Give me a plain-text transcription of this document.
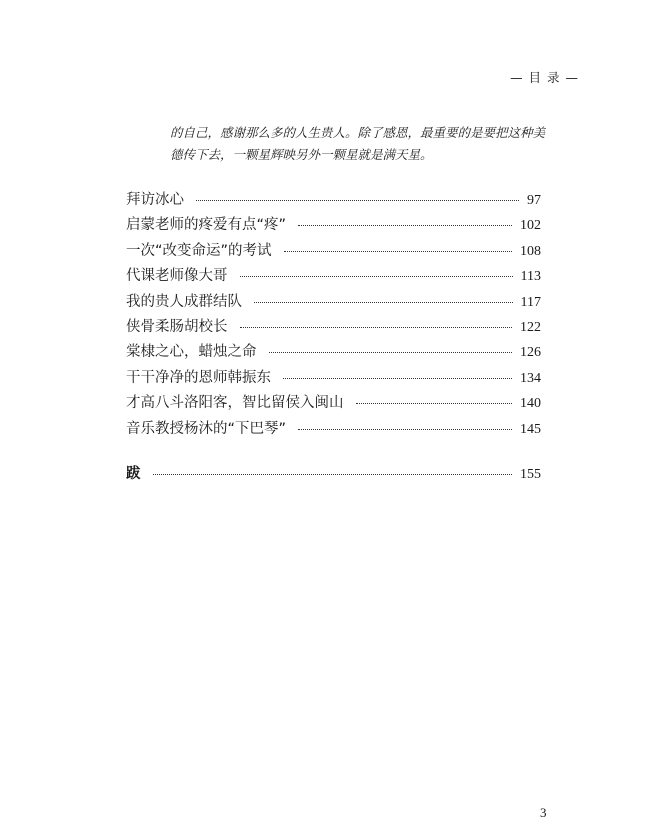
— 目 录 —

的自己，感谢那么多的人生贵人。除了感恩，最重要的是要把这种美

德传下去，一颗星辉映另外一颗星就是满天星。

拜访冰心	97
启蒙老师的疼爱有点“疼”	102
一次“改变命运”的考试	108
代课老师像大哥	113
我的贵人成群结队	117
侠骨柔肠胡校长	122
棠棣之心，蜡烛之命	126
干干净净的恩师韩振东	134
才高八斗洛阳客，智比留侯入闽山	140
音乐教授杨沐的“下巴琴”	145
跋	155
3
